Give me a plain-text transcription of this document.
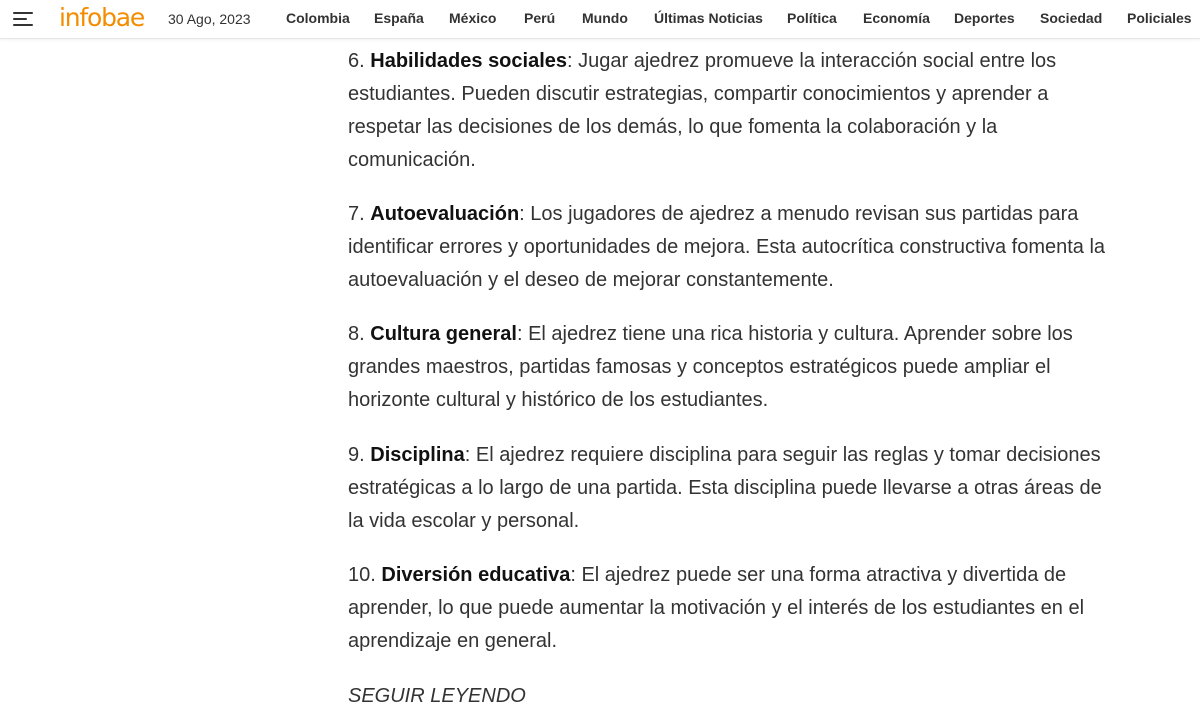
infobae 30 Ago, 2023	Colombia España México Perú Mundo Últimas Noticias Política Economía Deportes Sociedad Policiales

6. Habilidades sociales: Jugar ajedrez promueve la interacción social entre los estudiantes. Pueden discutir estrategias, compartir conocimientos y aprender a respetar las decisiones de los demás, lo que fomenta la colaboración y la comunicación.

7. Autoevaluación: Los jugadores de ajedrez a menudo revisan sus partidas para identificar errores y oportunidades de mejora. Esta autocrítica constructiva fomenta la autoevaluación y el deseo de mejorar constantemente.

8. Cultura general: El ajedrez tiene una rica historia y cultura. Aprender sobre los grandes maestros, partidas famosas y conceptos estratégicos puede ampliar el horizonte cultural y histórico de los estudiantes.

9. Disciplina: El ajedrez requiere disciplina para seguir las reglas y tomar decisiones estratégicas a lo largo de una partida. Esta disciplina puede llevarse a otras áreas de la vida escolar y personal.

10. Diversión educativa: El ajedrez puede ser una forma atractiva y divertida de aprender, lo que puede aumentar la motivación y el interés de los estudiantes en el aprendizaje en general.

SEGUIR LEYENDO
